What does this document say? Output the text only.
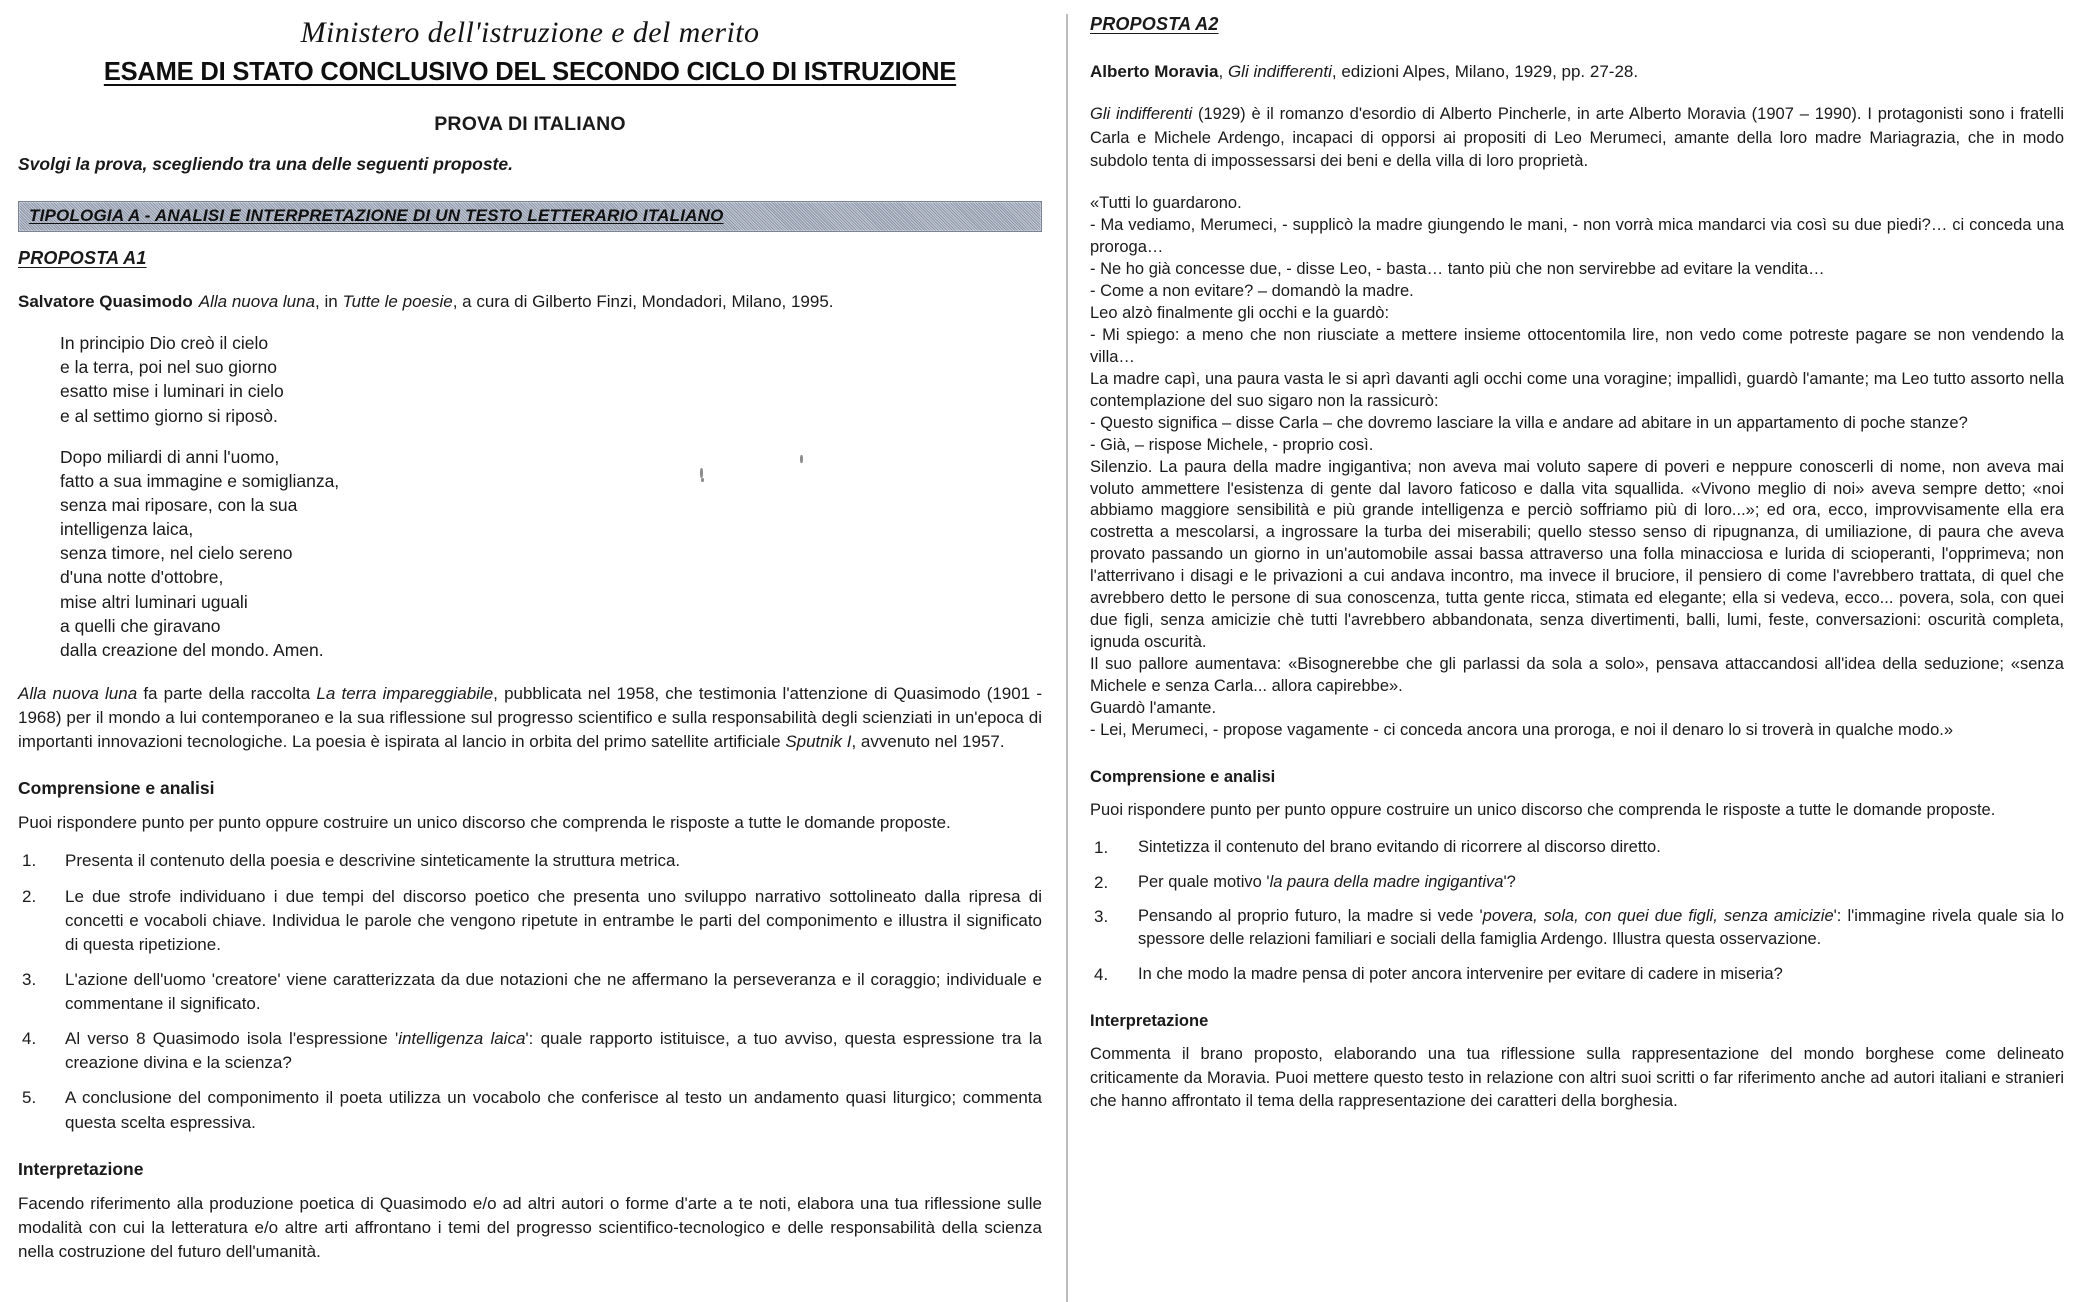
Ministero dell'istruzione e del merito
ESAME DI STATO CONCLUSIVO DEL SECONDO CICLO DI ISTRUZIONE
PROVA DI ITALIANO
Svolgi la prova, scegliendo tra una delle seguenti proposte.
TIPOLOGIA A - ANALISI E INTERPRETAZIONE DI UN TESTO LETTERARIO ITALIANO
PROPOSTA A1
Salvatore Quasimodo Alla nuova luna, in Tutte le poesie, a cura di Gilberto Finzi, Mondadori, Milano, 1995.
In principio Dio creò il cielo
e la terra, poi nel suo giorno
esatto mise i luminari in cielo
e al settimo giorno si riposò.
Dopo miliardi di anni l'uomo,
fatto a sua immagine e somiglianza,
senza mai riposare, con la sua
intelligenza laica,
senza timore, nel cielo sereno
d'una notte d'ottobre,
mise altri luminari uguali
a quelli che giravano
dalla creazione del mondo. Amen.
Alla nuova luna fa parte della raccolta La terra impareggiabile, pubblicata nel 1958, che testimonia l'attenzione di Quasimodo (1901 - 1968) per il mondo a lui contemporaneo e la sua riflessione sul progresso scientifico e sulla responsabilità degli scienziati in un'epoca di importanti innovazioni tecnologiche. La poesia è ispirata al lancio in orbita del primo satellite artificiale Sputnik I, avvenuto nel 1957.
Comprensione e analisi
Puoi rispondere punto per punto oppure costruire un unico discorso che comprenda le risposte a tutte le domande proposte.
Presenta il contenuto della poesia e descrivine sinteticamente la struttura metrica.
Le due strofe individuano i due tempi del discorso poetico che presenta uno sviluppo narrativo sottolineato dalla ripresa di concetti e vocaboli chiave. Individua le parole che vengono ripetute in entrambe le parti del componimento e illustra il significato di questa ripetizione.
L'azione dell'uomo 'creatore' viene caratterizzata da due notazioni che ne affermano la perseveranza e il coraggio; individuale e commentane il significato.
Al verso 8 Quasimodo isola l'espressione 'intelligenza laica': quale rapporto istituisce, a tuo avviso, questa espressione tra la creazione divina e la scienza?
A conclusione del componimento il poeta utilizza un vocabolo che conferisce al testo un andamento quasi liturgico; commenta questa scelta espressiva.
Interpretazione
Facendo riferimento alla produzione poetica di Quasimodo e/o ad altri autori o forme d'arte a te noti, elabora una tua riflessione sulle modalità con cui la letteratura e/o altre arti affrontano i temi del progresso scientifico-tecnologico e delle responsabilità della scienza nella costruzione del futuro dell'umanità.
PROPOSTA A2
Alberto Moravia, Gli indifferenti, edizioni Alpes, Milano, 1929, pp. 27-28.
Gli indifferenti (1929) è il romanzo d'esordio di Alberto Pincherle, in arte Alberto Moravia (1907 – 1990). I protagonisti sono i fratelli Carla e Michele Ardengo, incapaci di opporsi ai propositi di Leo Merumeci, amante della loro madre Mariagrazia, che in modo subdolo tenta di impossessarsi dei beni e della villa di loro proprietà.
«Tutti lo guardarono.
- Ma vediamo, Merumeci, - supplicò la madre giungendo le mani, - non vorrà mica mandarci via così su due piedi?… ci conceda una proroga…
- Ne ho già concesse due, - disse Leo, - basta… tanto più che non servirebbe ad evitare la vendita…
- Come a non evitare? – domandò la madre.
Leo alzò finalmente gli occhi e la guardò:
- Mi spiego: a meno che non riusciate a mettere insieme ottocentomila lire, non vedo come potreste pagare se non vendendo la villa…
La madre capì, una paura vasta le si aprì davanti agli occhi come una voragine; impallidì, guardò l'amante; ma Leo tutto assorto nella contemplazione del suo sigaro non la rassicurò:
- Questo significa – disse Carla – che dovremo lasciare la villa e andare ad abitare in un appartamento di poche stanze?
- Già, – rispose Michele, - proprio così.
Silenzio. La paura della madre ingigantiva; non aveva mai voluto sapere di poveri e neppure conoscerli di nome, non aveva mai voluto ammettere l'esistenza di gente dal lavoro faticoso e dalla vita squallida. «Vivono meglio di noi» aveva sempre detto; «noi abbiamo maggiore sensibilità e più grande intelligenza e perciò soffriamo più di loro...»; ed ora, ecco, improvvisamente ella era costretta a mescolarsi, a ingrossare la turba dei miserabili; quello stesso senso di ripugnanza, di umiliazione, di paura che aveva provato passando un giorno in un'automobile assai bassa attraverso una folla minacciosa e lurida di scioperanti, l'opprimeva; non l'atterrivano i disagi e le privazioni a cui andava incontro, ma invece il bruciore, il pensiero di come l'avrebbero trattata, di quel che avrebbero detto le persone di sua conoscenza, tutta gente ricca, stimata ed elegante; ella si vedeva, ecco... povera, sola, con quei due figli, senza amicizie chè tutti l'avrebbero abbandonata, senza divertimenti, balli, lumi, feste, conversazioni: oscurità completa, ignuda oscurità.
Il suo pallore aumentava: «Bisognerebbe che gli parlassi da sola a solo», pensava attaccandosi all'idea della seduzione; «senza Michele e senza Carla... allora capirebbe».
Guardò l'amante.
- Lei, Merumeci, - propose vagamente - ci conceda ancora una proroga, e noi il denaro lo si troverà in qualche modo.»
Comprensione e analisi
Puoi rispondere punto per punto oppure costruire un unico discorso che comprenda le risposte a tutte le domande proposte.
Sintetizza il contenuto del brano evitando di ricorrere al discorso diretto.
Per quale motivo 'la paura della madre ingigantiva'?
Pensando al proprio futuro, la madre si vede 'povera, sola, con quei due figli, senza amicizie': l'immagine rivela quale sia lo spessore delle relazioni familiari e sociali della famiglia Ardengo. Illustra questa osservazione.
In che modo la madre pensa di poter ancora intervenire per evitare di cadere in miseria?
Interpretazione
Commenta il brano proposto, elaborando una tua riflessione sulla rappresentazione del mondo borghese come delineato criticamente da Moravia. Puoi mettere questo testo in relazione con altri suoi scritti o far riferimento anche ad autori italiani e stranieri che hanno affrontato il tema della rappresentazione dei caratteri della borghesia.
